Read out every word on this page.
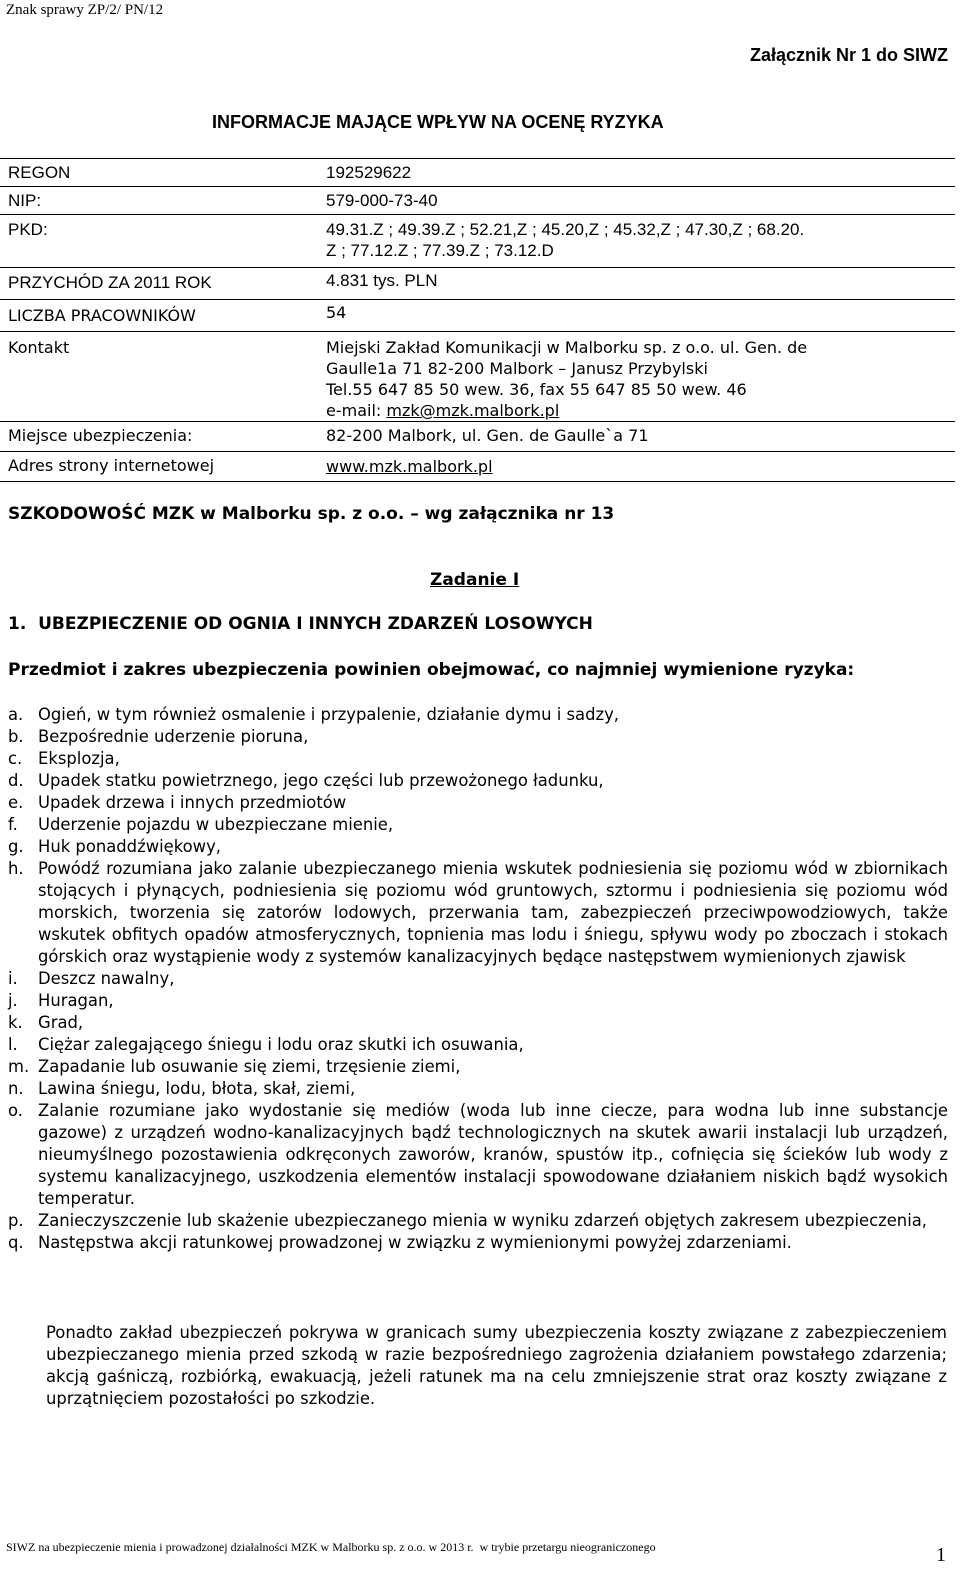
Znak sprawy ZP/2/ PN/12
Załącznik Nr 1 do SIWZ
INFORMACJE MAJĄCE WPŁYW NA OCENĘ RYZYKA
REGON	192529622
NIP:	579-000-73-40
PKD:	49.31.Z ; 49.39.Z ; 52.21,Z ; 45.20,Z ; 45.32,Z ; 47.30,Z ; 68.20.
Z ; 77.12.Z ; 77.39.Z ; 73.12.D
PRZYCHÓD ZA 2011 ROK	4.831 tys. PLN
LICZBA PRACOWNIKÓW	54
Kontakt	Miejski Zakład Komunikacji w Malborku sp. z o.o. ul. Gen. de
Gaulle1a 71 82-200 Malbork – Janusz Przybylski
Tel.55 647 85 50 wew. 36, fax 55 647 85 50 wew. 46
e-mail: mzk@mzk.malbork.pl
Miejsce ubezpieczenia:	82-200 Malbork, ul. Gen. de Gaulle`a 71
Adres strony internetowej	www.mzk.malbork.pl
SZKODOWOŚĆ MZK w Malborku sp. z o.o. – wg załącznika nr 13
Zadanie I
1.  UBEZPIECZENIE OD OGNIA I INNYCH ZDARZEŃ LOSOWYCH
Przedmiot i zakres ubezpieczenia powinien obejmować, co najmniej wymienione ryzyka:
a. Ogień, w tym również osmalenie i przypalenie, działanie dymu i sadzy,
b. Bezpośrednie uderzenie pioruna,
c. Eksplozja,
d. Upadek statku powietrznego, jego części lub przewożonego ładunku,
e. Upadek drzewa i innych przedmiotów
f. Uderzenie pojazdu w ubezpieczane mienie,
g. Huk ponaddźwiękowy,
h. Powódź rozumiana jako zalanie ubezpieczanego mienia wskutek podniesienia się poziomu wód w zbiornikach stojących i płynących, podniesienia się poziomu wód gruntowych, sztormu i podniesienia się poziomu wód morskich, tworzenia się zatorów lodowych, przerwania tam, zabezpieczeń przeciwpowodziowych, także wskutek obfitych opadów atmosferycznych, topnienia mas lodu i śniegu, spływu wody po zboczach i stokach górskich oraz wystąpienie wody z systemów kanalizacyjnych będące następstwem wymienionych zjawisk
i. Deszcz nawalny,
j. Huragan,
k. Grad,
l. Ciężar zalegającego śniegu i lodu oraz skutki ich osuwania,
m. Zapadanie lub osuwanie się ziemi, trzęsienie ziemi,
n. Lawina śniegu, lodu, błota, skał, ziemi,
o. Zalanie rozumiane jako wydostanie się mediów (woda lub inne ciecze, para wodna lub inne substancje gazowe) z urządzeń wodno-kanalizacyjnych bądź technologicznych na skutek awarii instalacji lub urządzeń, nieumyślnego pozostawienia odkręconych zaworów, kranów, spustów itp., cofnięcia się ścieków lub wody z systemu kanalizacyjnego, uszkodzenia elementów instalacji spowodowane działaniem niskich bądź wysokich temperatur.
p. Zanieczyszczenie lub skażenie ubezpieczanego mienia w wyniku zdarzeń objętych zakresem ubezpieczenia,
q. Następstwa akcji ratunkowej prowadzonej w związku z wymienionymi powyżej zdarzeniami.

Ponadto zakład ubezpieczeń pokrywa w granicach sumy ubezpieczenia koszty związane z zabezpieczeniem ubezpieczanego mienia przed szkodą w razie bezpośredniego zagrożenia działaniem powstałego zdarzenia; akcją gaśniczą, rozbiórką, ewakuacją, jeżeli ratunek ma na celu zmniejszenie strat oraz koszty związane z uprzątnięciem pozostałości po szkodzie.

SIWZ na ubezpieczenie mienia i prowadzonej działalności MZK w Malborku sp. z o.o. w 2013 r.  w trybie przetargu nieograniczonego	1
